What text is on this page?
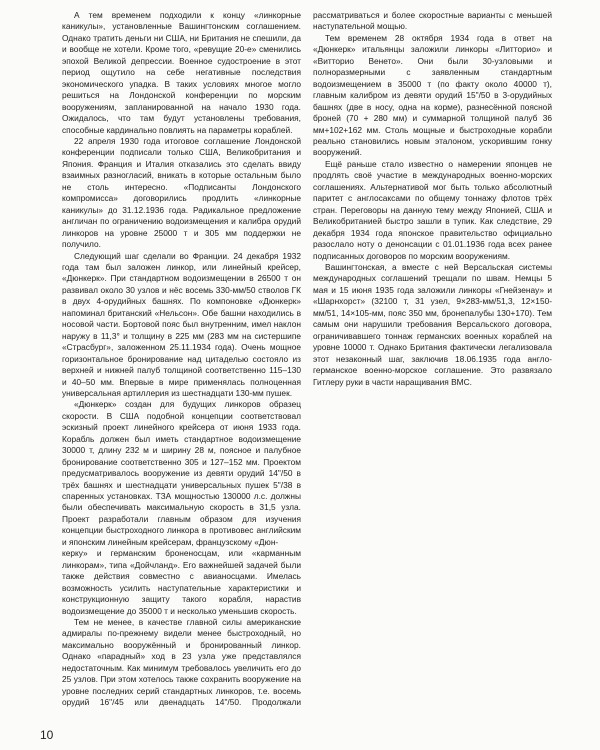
А тем временем подходили к концу «линкорные каникулы», установленные Вашингтонским соглашением. Однако тратить деньги ни США, ни Британия не спешили, да и вообще не хотели. Кроме того, «ревущие 20-е» сменились эпохой Великой депрессии. Военное судостроение в этот период ощутило на себе негативные последствия экономического упадка. В таких условиях многое могло решиться на Лондонской конференции по морским вооружениям, запланированной на начало 1930 года. Ожидалось, что там будут установлены требования, способные кардинально повлиять на параметры кораблей.

22 апреля 1930 года итоговое соглашение Лондонской конференции подписали только США, Великобритания и Япония. Франция и Италия отказались это сделать ввиду взаимных разногласий, вникать в которые остальным было не столь интересно. «Подписанты Лондонского компромисса» договорились продлить «линкорные каникулы» до 31.12.1936 года. Радикальное предложение англичан по ограничению водоизмещения и калибра орудий линкоров на уровне 25000 т и 305 мм поддержки не получило.

Следующий шаг сделали во Франции. 24 декабря 1932 года там был заложен линкор, или линейный крейсер, «Дюнкерк». При стандартном водоизмещении в 26500 т он развивал около 30 узлов и нёс восемь 330-мм/50 стволов ГК в двух 4-орудийных башнях. По компоновке «Дюнкерк» напоминал британский «Нельсон». Обе башни находились в носовой части. Бортовой пояс был внутренним, имел наклон наружу в 11,3° и толщину в 225 мм (283 мм на систершипе «Страсбург», заложенном 25.11.1934 года). Очень мощное горизонтальное бронирование над цитаделью состояло из верхней и нижней палуб толщиной соответственно 115–130 и 40–50 мм. Впервые в мире применялась полноценная универсальная артиллерия из шестнадцати 130-мм пушек.

«Дюнкерк» создан для будущих линкоров образец скорости. В США подобной концепции соответствовал эскизный проект линейного крейсера от июня 1933 года. Корабль должен был иметь стандартное водоизмещение 30000 т, длину 232 м и ширину 28 м, поясное и палубное бронирование соответственно 305 и 127–152 мм. Проектом предусматривалось вооружение из девяти орудий 14"/50 в трёх башнях и шестнадцати универсальных пушек 5"/38 в спаренных установках. ТЗА мощностью 130000 л.с. должны были обеспечивать максимальную скорость в 31,5 узла. Проект разработали главным образом для изучения концепции быстроходного линкора в противовес английским и японским линейным крейсерам, французскому «Дюн-

керку» и германским броненосцам, или «карманным линкорам», типа «Дойчланд». Его важнейшей задачей были также действия совместно с авианосцами. Имелась возможность усилить наступательные характеристики и конструкционную защиту такого корабля, нарастив водоизмещение до 35000 т и несколько уменьшив скорость.

Тем не менее, в качестве главной силы американские адмиралы по-прежнему видели менее быстроходный, но максимально вооружённый и бронированный линкор. Однако «парадный» ход в 23 узла уже представлялся недостаточным. Как минимум требовалось увеличить его до 25 узлов. При этом хотелось также сохранить вооружение на уровне последних серий стандартных линкоров, т.е. восемь орудий 16"/45 или двенадцать 14"/50. Продолжали рассматриваться и более скоростные варианты с меньшей наступательной мощью.

Тем временем 28 октября 1934 года в ответ на «Дюнкерк» итальянцы заложили линкоры «Литторио» и «Витторио Венето». Они были 30-узловыми и полноразмерными с заявленным стандартным водоизмещением в 35000 т (по факту около 40000 т), главным калибром из девяти орудий 15"/50 в 3-орудийных башнях (две в носу, одна на корме), разнесённой поясной броней (70 + 280 мм) и суммарной толщиной палуб 36 мм+102+162 мм. Столь мощные и быстроходные корабли реально становились новым эталоном, ускорившим гонку вооружений.

Ещё раньше стало известно о намерении японцев не продлять своё участие в международных военно-морских соглашениях. Альтернативой мог быть только абсолютный паритет с англосаксами по общему тоннажу флотов трёх стран. Переговоры на данную тему между Японией, США и Великобританией быстро зашли в тупик. Как следствие, 29 декабря 1934 года японское правительство официально разослало ноту о денонсации с 01.01.1936 года всех ранее подписанных договоров по морским вооружениям.

Вашингтонская, а вместе с ней Версальская системы международных соглашений трещали по швам. Немцы 5 мая и 15 июня 1935 года заложили линкоры «Гнейзенау» и «Шарнхорст» (32100 т, 31 узел, 9×283-мм/51,3, 12×150-мм/51, 14×105-мм, пояс 350 мм, бронепалубы 130+170). Тем самым они нарушили требования Версальского договора, ограничивавшего тоннаж германских военных кораблей на уровне 10000 т. Однако Британия фактически легализовала этот незаконный шаг, заключив 18.06.1935 года англо-германское военно-морское соглашение. Это развязало Гитлеру руки в части наращивания ВМС.

10
